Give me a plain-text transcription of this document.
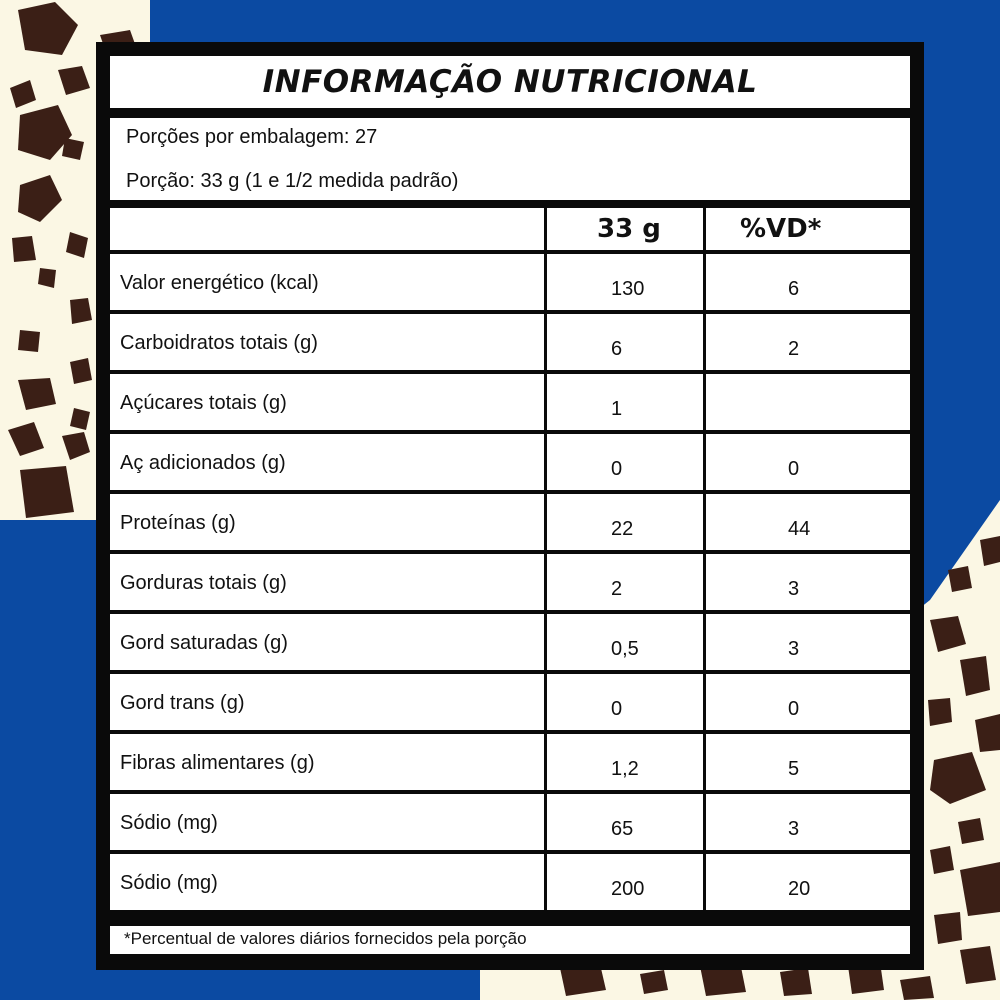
INFORMAÇÃO NUTRICIONAL
Porções por embalagem: 27
Porção: 33 g (1 e 1/2 medida padrão)
33 g	%VD*
Valor energético (kcal)	130	6
Carboidratos totais (g)	6	2
Açúcares totais (g)	1
Aç adicionados (g)	0	0
Proteínas (g)	22	44
Gorduras totais (g)	2	3
Gord saturadas (g)	0,5	3
Gord trans (g)	0	0
Fibras alimentares (g)	1,2	5
Sódio (mg)	65	3
Sódio (mg)	200	20
*Percentual de valores diários fornecidos pela porção
